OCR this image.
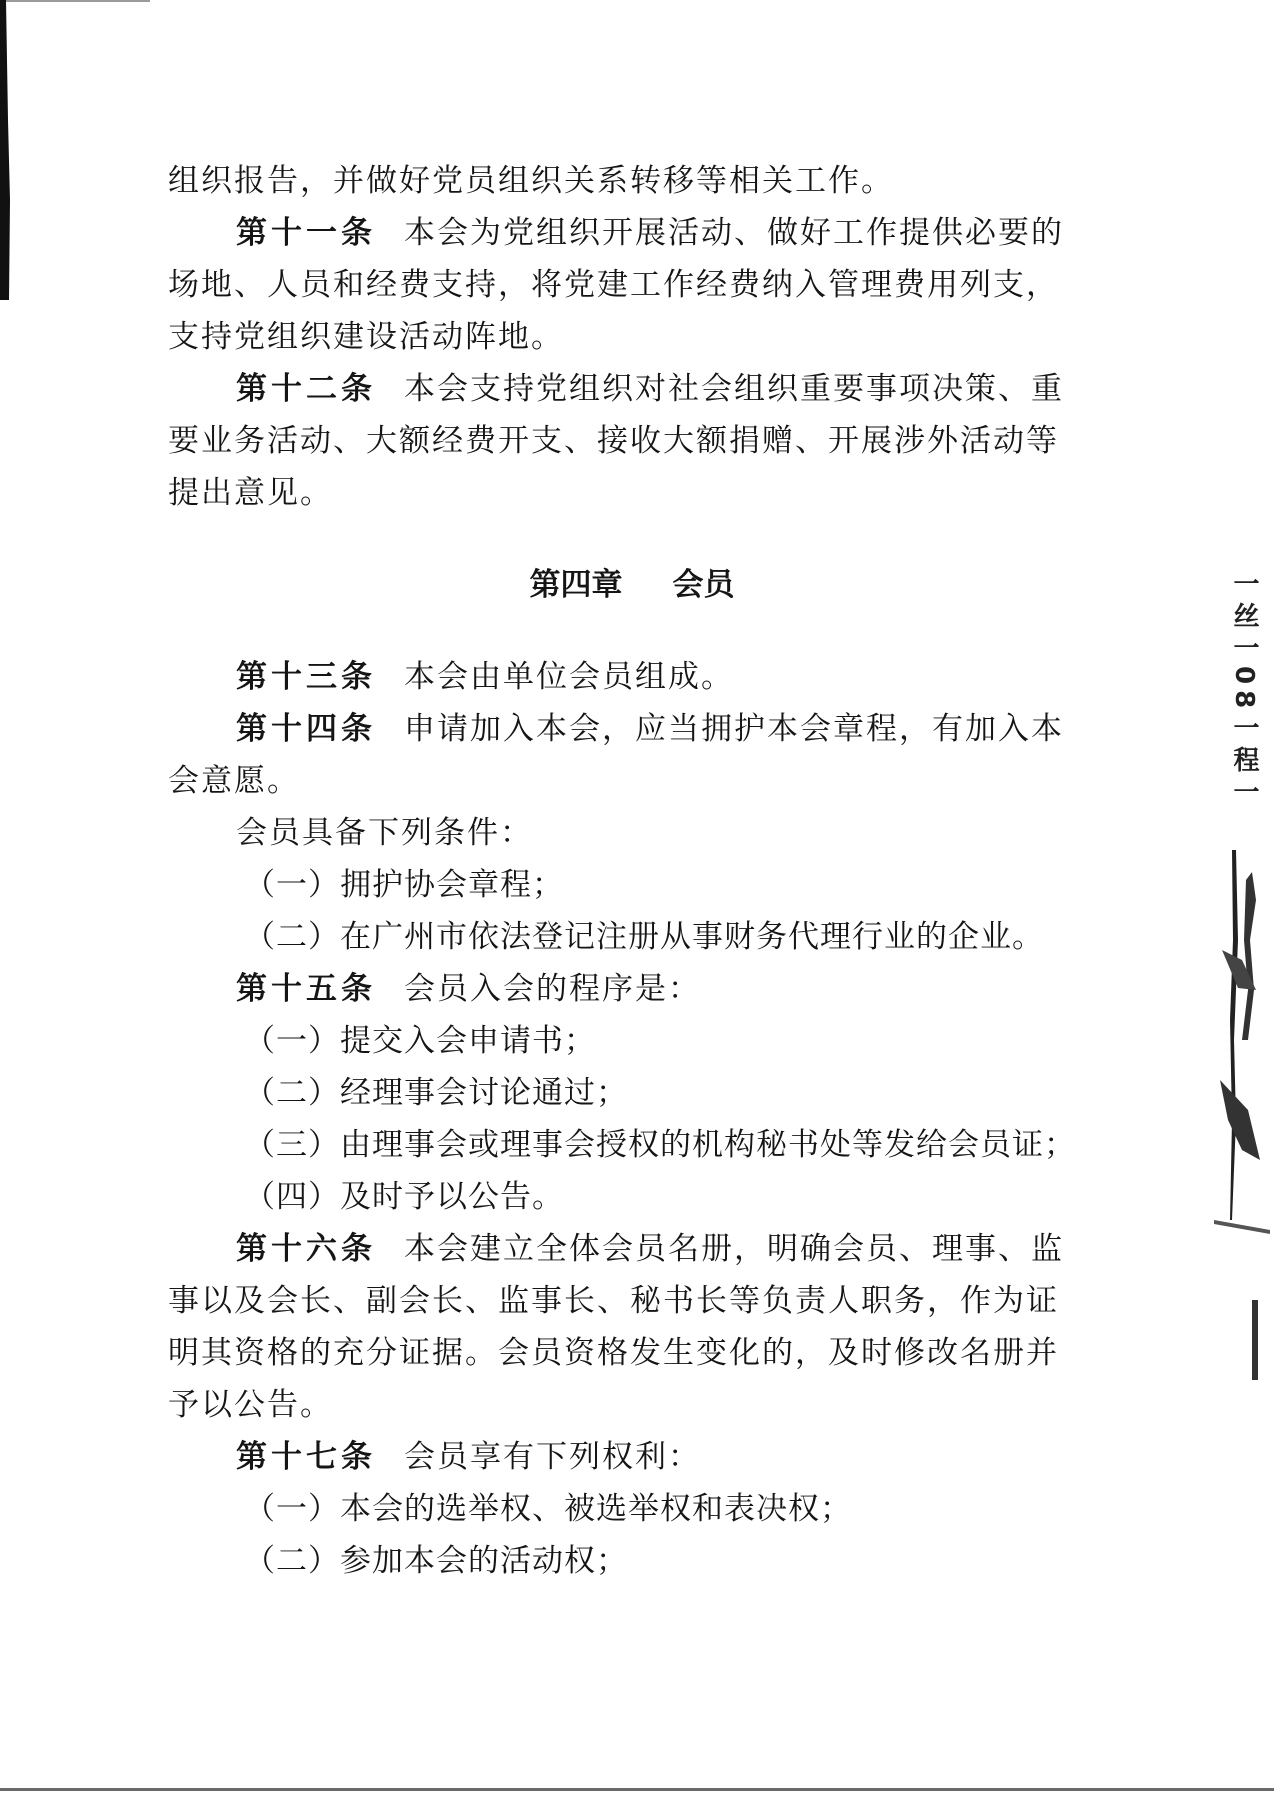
组织报告，并做好党员组织关系转移等相关工作。
第十一条 本会为党组织开展活动、做好工作提供必要的
场地、人员和经费支持，将党建工作经费纳入管理费用列支，
支持党组织建设活动阵地。
第十二条 本会支持党组织对社会组织重要事项决策、重
要业务活动、大额经费开支、接收大额捐赠、开展涉外活动等
提出意见。
第四章 会员
第十三条 本会由单位会员组成。
第十四条 申请加入本会，应当拥护本会章程，有加入本
会意愿。
会员具备下列条件：
（一）拥护协会章程；
（二）在广州市依法登记注册从事财务代理行业的企业。
第十五条 会员入会的程序是：
（一）提交入会申请书；
（二）经理事会讨论通过；
（三）由理事会或理事会授权的机构秘书处等发给会员证；
（四）及时予以公告。
第十六条 本会建立全体会员名册，明确会员、理事、监
事以及会长、副会长、监事长、秘书长等负责人职务，作为证
明其资格的充分证据。会员资格发生变化的，及时修改名册并
予以公告。
第十七条 会员享有下列权利：
（一）本会的选举权、被选举权和表决权；
（二）参加本会的活动权；
一丝一08一程一
